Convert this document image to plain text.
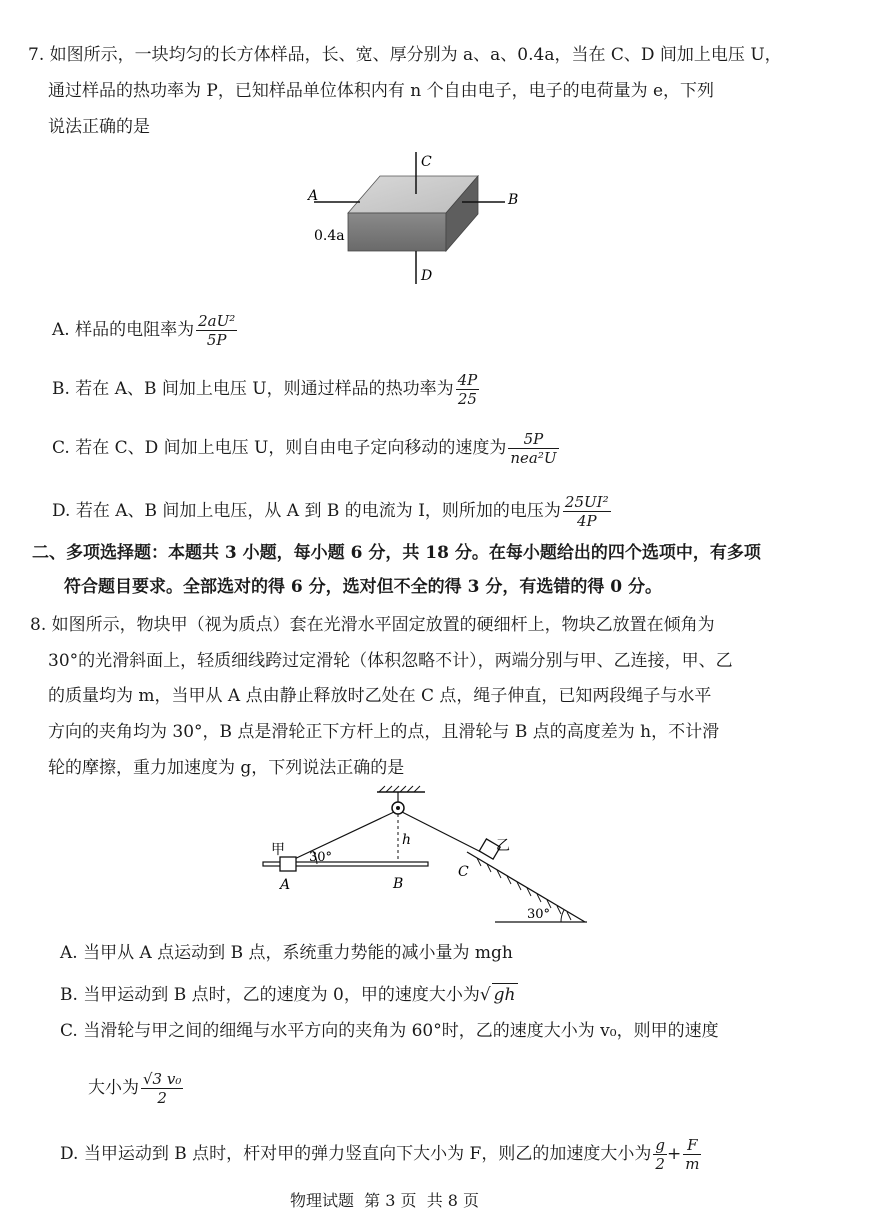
7. 如图所示，一块均匀的长方体样品，长、宽、厚分别为 a、a、0.4a，当在 C、D 间加上电压 U，
通过样品的热功率为 P，已知样品单位体积内有 n 个自由电子，电子的电荷量为 e，下列
说法正确的是
C
D
A	B
0.4a
A. 样品的电阻率为 $\frac{\text{2aU²}}{5P}$
B. 若在 A、B 间加上电压 U，则通过样品的热功率为 $\frac{4P}{25}$
C. 若在 C、D 间加上电压 U，则自由电子定向移动的速度为 $\frac{5P}{\text{nea²U}}$
D. 若在 A、B 间加上电压，从 A 到 B 的电流为 I，则所加的电压为 $\frac{\text{25UI²}}{4P}$
二、多项选择题：本题共 3 小题，每小题 6 分，共 18 分。在每小题给出的四个选项中，有多项
符合题目要求。全部选对的得 6 分，选对但不全的得 3 分，有选错的得 0 分。
8. 如图所示，物块甲（视为质点）套在光滑水平固定放置的硬细杆上，物块乙放置在倾角为
30°的光滑斜面上，轻质细线跨过定滑轮（体积忽略不计），两端分别与甲、乙连接，甲、乙
的质量均为 m，当甲从 A 点由静止释放时乙处在 C 点，绳子伸直，已知两段绳子与水平
方向的夹角均为 30°，B 点是滑轮正下方杆上的点，且滑轮与 B 点的高度差为 h，不计滑
轮的摩擦，重力加速度为 g，下列说法正确的是
h
甲
A	B
30°
乙
C
30°
A. 当甲从 A 点运动到 B 点，系统重力势能的减小量为 mgh
B. 当甲运动到 B 点时，乙的速度为 0，甲的速度大小为√ gh
C. 当滑轮与甲之间的细绳与水平方向的夹角为 60°时，乙的速度大小为 v₀，则甲的速度
大小为 $\frac{\text{√3 v₀}}{2}$
D. 当甲运动到 B 点时，杆对甲的弹力竖直向下大小为 F，则乙的加速度大小为 $\frac{g}{2} + \frac{F}{m}$
物理试题  第 3 页  共 8 页
